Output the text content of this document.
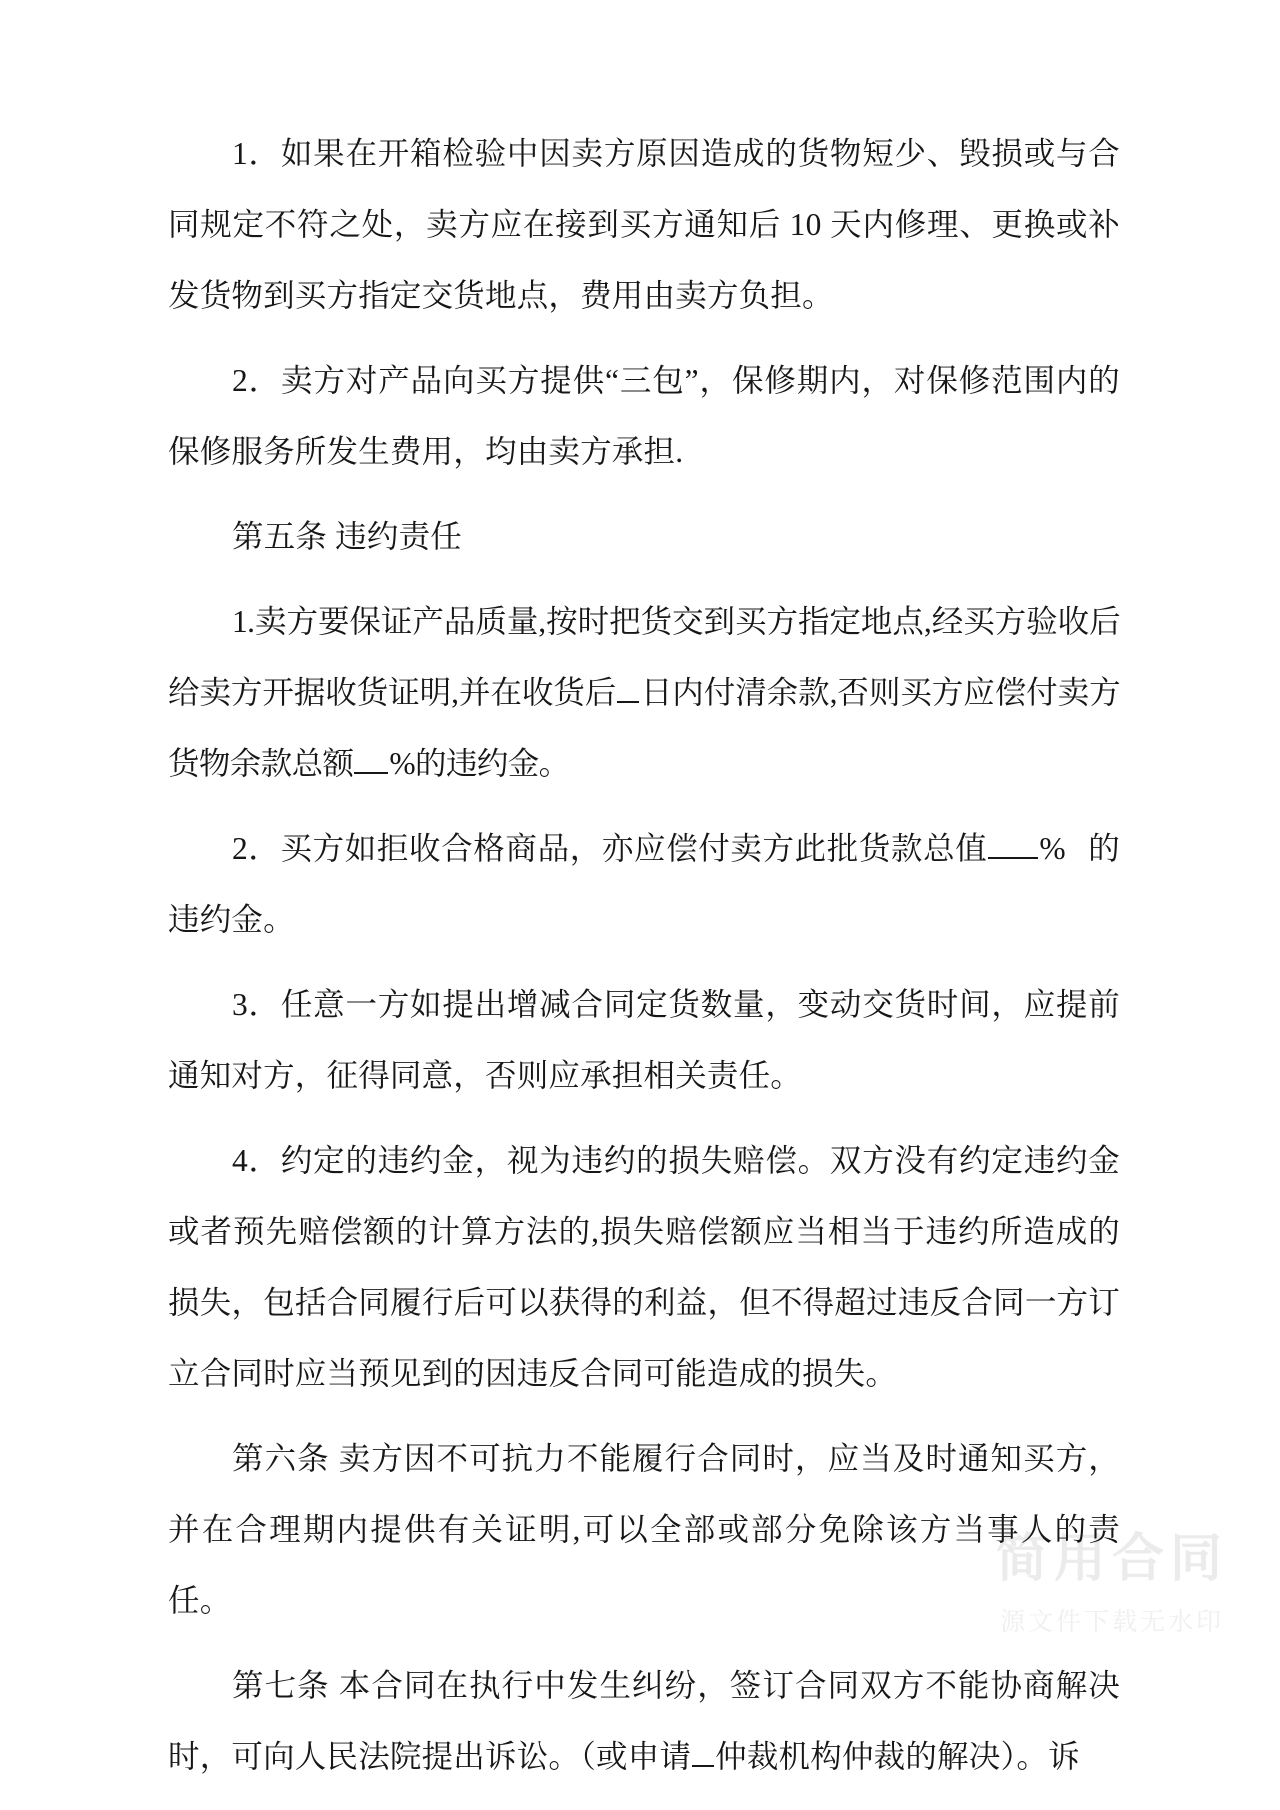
1．如果在开箱检验中因卖方原因造成的货物短少、毁损或与合同规定不符之处，卖方应在接到买方通知后 10 天内修理、更换或补发货物到买方指定交货地点，费用由卖方负担。

2．卖方对产品向买方提供“三包”，保修期内，对保修范围内的保修服务所发生费用，均由卖方承担.

第五条 违约责任

1.卖方要保证产品质量,按时把货交到买方指定地点,经买方验收后给卖方开据收货证明,并在收货后 日内付清余款,否则买方应偿付卖方货物余款总额 %的违约金。

2．买方如拒收合格商品，亦应偿付卖方此批货款总值 % 的违约金。

3．任意一方如提出增减合同定货数量，变动交货时间，应提前通知对方，征得同意，否则应承担相关责任。

4．约定的违约金，视为违约的损失赔偿。双方没有约定违约金或者预先赔偿额的计算方法的,损失赔偿额应当相当于违约所造成的损失，包括合同履行后可以获得的利益，但不得超过违反合同一方订立合同时应当预见到的因违反合同可能造成的损失。

第六条 卖方因不可抗力不能履行合同时，应当及时通知买方，并在合理期内提供有关证明,可以全部或部分免除该方当事人的责任。

第七条 本合同在执行中发生纠纷，签订合同双方不能协商解决时，可向人民法院提出诉讼。（或申请 仲裁机构仲裁的解决）。诉

简用合同
源文件下载无水印
